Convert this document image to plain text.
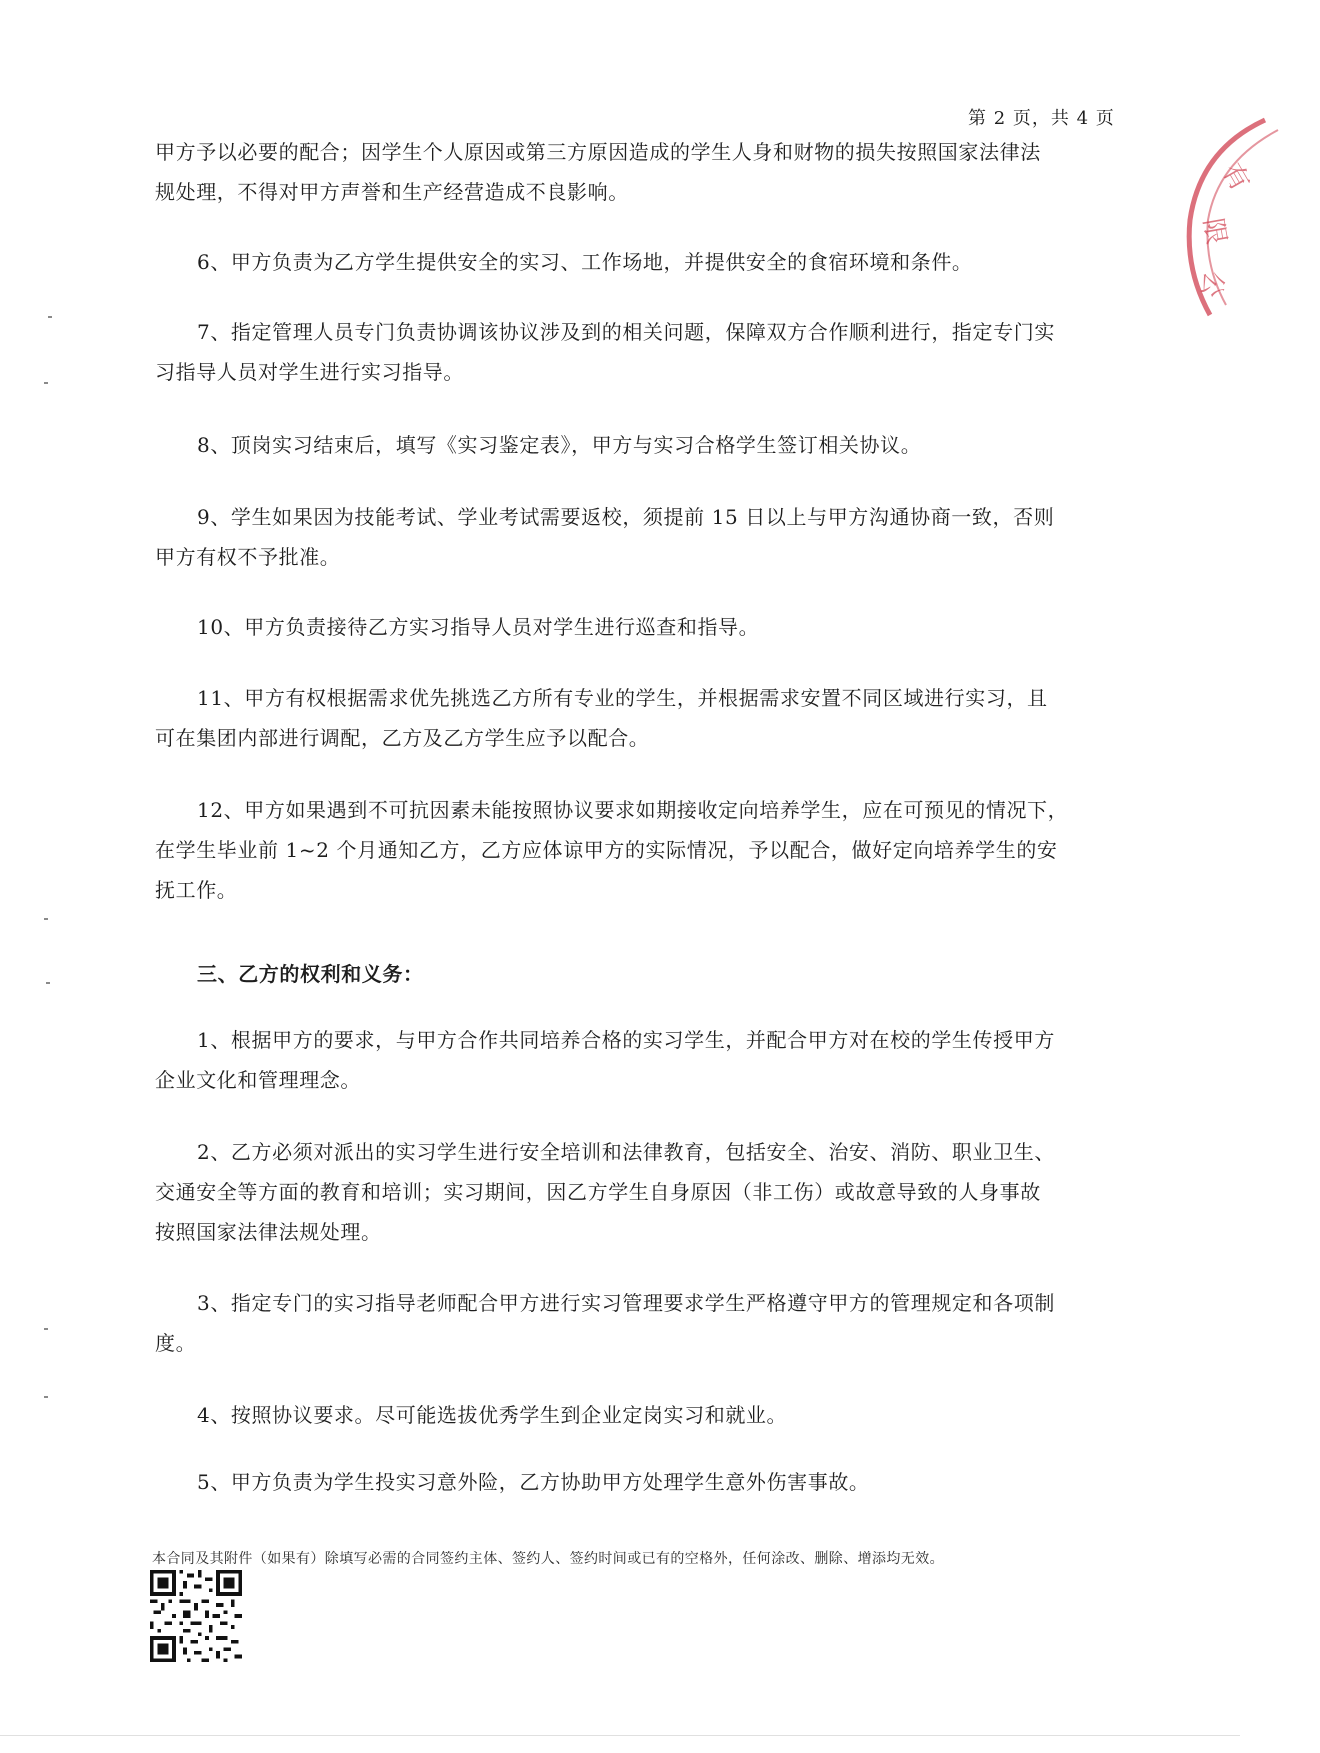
第 2 页，共 4 页
有
限
公

甲方予以必要的配合；因学生个人原因或第三方原因造成的学生人身和财物的损失按照国家法律法

规处理，不得对甲方声誉和生产经营造成不良影响。

6、甲方负责为乙方学生提供安全的实习、工作场地，并提供安全的食宿环境和条件。

7、指定管理人员专门负责协调该协议涉及到的相关问题，保障双方合作顺利进行，指定专门实

习指导人员对学生进行实习指导。

8、顶岗实习结束后，填写《实习鉴定表》，甲方与实习合格学生签订相关协议。

9、学生如果因为技能考试、学业考试需要返校，须提前 15 日以上与甲方沟通协商一致，否则

甲方有权不予批准。

10、甲方负责接待乙方实习指导人员对学生进行巡查和指导。

11、甲方有权根据需求优先挑选乙方所有专业的学生，并根据需求安置不同区域进行实习，且

可在集团内部进行调配，乙方及乙方学生应予以配合。

12、甲方如果遇到不可抗因素未能按照协议要求如期接收定向培养学生，应在可预见的情况下，

在学生毕业前 1~2 个月通知乙方，乙方应体谅甲方的实际情况，予以配合，做好定向培养学生的安

抚工作。

三、乙方的权利和义务：

1、根据甲方的要求，与甲方合作共同培养合格的实习学生，并配合甲方对在校的学生传授甲方

企业文化和管理理念。

2、乙方必须对派出的实习学生进行安全培训和法律教育，包括安全、治安、消防、职业卫生、

交通安全等方面的教育和培训；实习期间，因乙方学生自身原因（非工伤）或故意导致的人身事故

按照国家法律法规处理。

3、指定专门的实习指导老师配合甲方进行实习管理要求学生严格遵守甲方的管理规定和各项制

度。

4、按照协议要求。尽可能选拔优秀学生到企业定岗实习和就业。

5、甲方负责为学生投实习意外险，乙方协助甲方处理学生意外伤害事故。

本合同及其附件（如果有）除填写必需的合同签约主体、签约人、签约时间或已有的空格外，任何涂改、删除、增添均无效。
